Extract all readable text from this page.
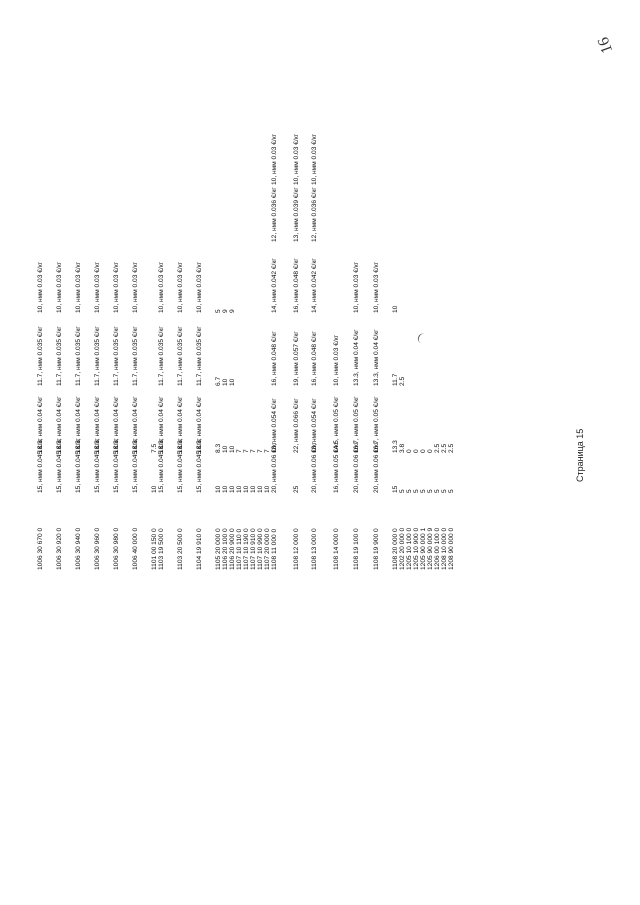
1006 30 670 0
15, нмм 0.045 €/кг
13.3, нмм 0.04 €/кг
11.7, нмм 0.035 €/кг
10, нмм 0.03 €/кг
1006 30 920 0
15, нмм 0.045 €/кг
13.3, нмм 0.04 €/кг
11.7, нмм 0.035 €/кг
10, нмм 0.03 €/кг
1006 30 940 0
15, нмм 0.045 €/кг
13.3, нмм 0.04 €/кг
11.7, нмм 0.035 €/кг
10, нмм 0.03 €/кг
1006 30 960 0
15, нмм 0.045 €/кг
13.3, нмм 0.04 €/кг
11.7, нмм 0.035 €/кг
10, нмм 0.03 €/кг
1006 30 980 0
15, нмм 0.045 €/кг
13.3, нмм 0.04 €/кг
11.7, нмм 0.035 €/кг
10, нмм 0.03 €/кг
1006 40 000 0
15, нмм 0.045 €/кг
13.3, нмм 0.04 €/кг
11.7, нмм 0.035 €/кг
10, нмм 0.03 €/кг
1101 00 150 0
10
7.5
1103 19 500 0
15, нмм 0.045 €/кг
13.3, нмм 0.04 €/кг
11.7, нмм 0.035 €/кг
10, нмм 0.03 €/кг
1103 20 500 0
15, нмм 0.045 €/кг
13.3, нмм 0.04 €/кг
11.7, нмм 0.035 €/кг
10, нмм 0.03 €/кг
1104 19 910 0
15, нмм 0.045 €/кг
13.3, нмм 0.04 €/кг
11.7, нмм 0.035 €/кг
10, нмм 0.03 €/кг
1105 20 000 0
10
8.3
6.7
5
1106 20 100 0
10
10
10
9
1106 20 900 0
10
10
10
9
1107 10 110 0
10
7
1107 10 190 0
10
7
1107 10 910 0
10
7
1107 10 990 0
10
7
1107 20 000 0
10
7
1108 11 000 0
20, нмм 0.06 €/кг
18, нмм 0.054 €/кг
16, нмм 0.048 €/кг
14, нмм 0.042 €/кг
12, нмм 0.036 €/кг
10, нмм 0.03 €/кг
1108 12 000 0
25
22, нмм 0.066 €/кг
19, нмм 0.057 €/кг
16, нмм 0.048 €/кг
13, нмм 0.039 €/кг
10, нмм 0.03 €/кг
1108 13 000 0
20, нмм 0.06 €/кг
18, нмм 0.054 €/кг
16, нмм 0.048 €/кг
14, нмм 0.042 €/кг
12, нмм 0.036 €/кг
10, нмм 0.03 €/кг
1108 14 000 0
16, нмм 0.05 €/кг
14.5, нмм 0.05 €/кг
10, нмм 0.03 €/кг
1108 19 100 0
20, нмм 0.06 €/кг
16.7, нмм 0.05 €/кг
13.3, нмм 0.04 €/кг
10, нмм 0.03 €/кг
1108 19 900 0
20, нмм 0.06 €/кг
16.7, нмм 0.05 €/кг
13.3, нмм 0.04 €/кг
10, нмм 0.03 €/кг
1108 20 000 0
15
13.3
11.7
10
1202 20 000 0
5
3.8
2.5
1205 10 100 0
5
0
1205 10 900 0
5
0
1205 90 000 1
5
0
1205 90 000 9
5
0
1206 00 100 0
5
2.5
1208 10 000 0
5
2.5
1208 90 000 0
5
2.5	Страница 15
16
